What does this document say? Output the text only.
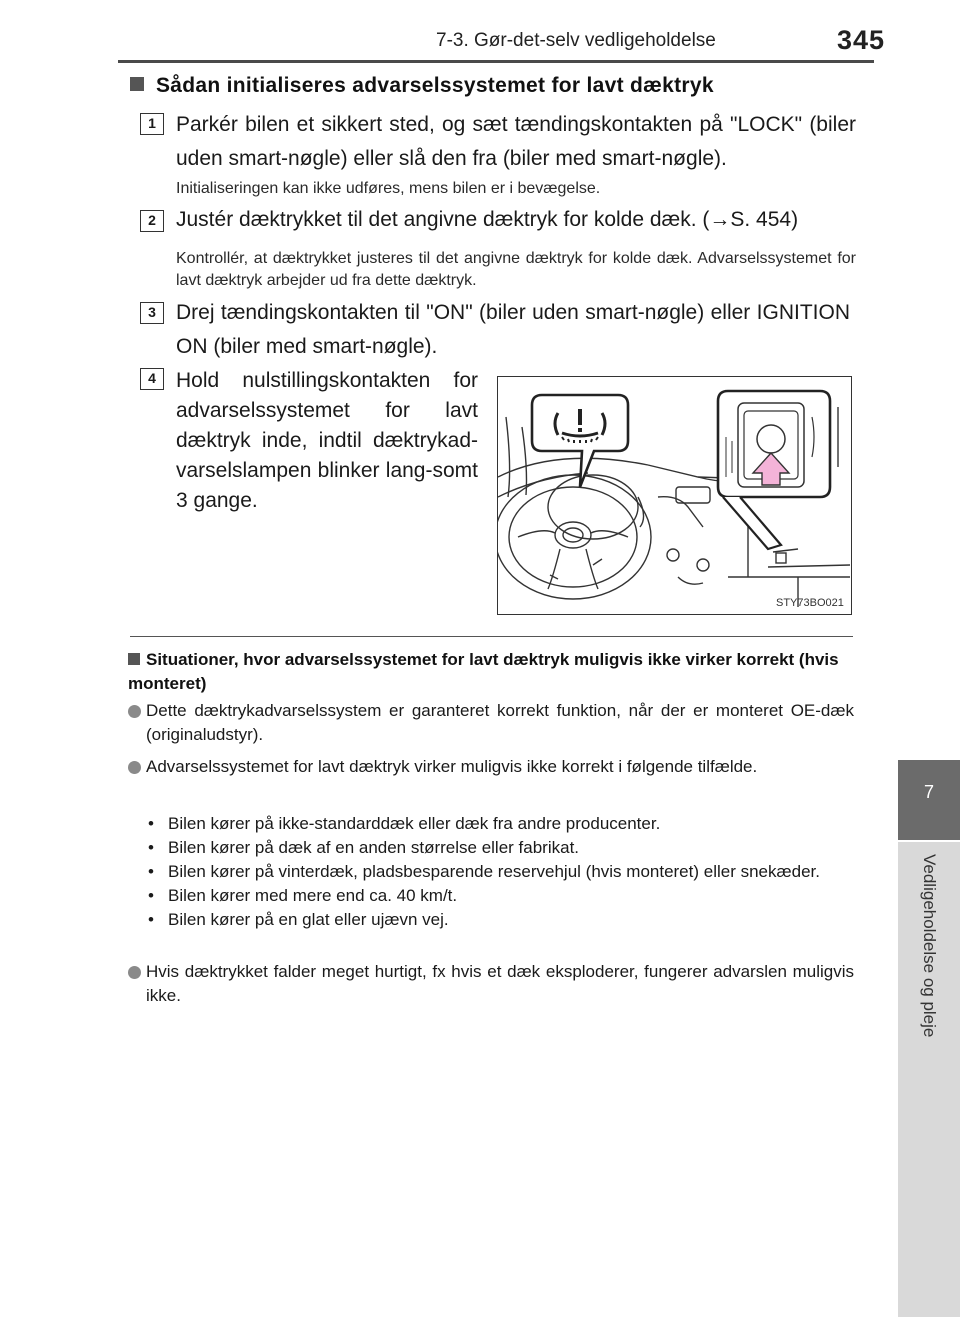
7-3. Gør-det-selv vedligeholdelse	345
7
Vedligeholdelse og pleje
Sådan initialiseres advarselssystemet for lavt dæktryk
1 Parkér bilen et sikkert sted, og sæt tændingskontakten på "LOCK" (biler uden smart-nøgle) eller slå den fra (biler med smart-nøgle).
Initialiseringen kan ikke udføres, mens bilen er i bevægelse.
2 Justér dæktrykket til det angivne dæktryk for kolde dæk. (→S. 454)
Kontrollér, at dæktrykket justeres til det angivne dæktryk for kolde dæk. Advarselssystemet for lavt dæktryk arbejder ud fra dette dæktryk.
3 Drej tændingskontakten til "ON" (biler uden smart-nøgle) eller IGNITION ON (biler med smart-nøgle).
4 Hold nulstillingskontakten for advarselssystemet for lavt dæktryk inde, indtil dæktrykad-varselslampen blinker lang-somt 3 gange.
STY73BO021
Situationer, hvor advarselssystemet for lavt dæktryk muligvis ikke virker korrekt (hvis monteret)
Dette dæktrykadvarselssystem er garanteret korrekt funktion, når der er monteret OE-dæk (originaludstyr).
Advarselssystemet for lavt dæktryk virker muligvis ikke korrekt i følgende tilfælde.
• Bilen kører på ikke-standarddæk eller dæk fra andre producenter.
• Bilen kører på dæk af en anden størrelse eller fabrikat.
• Bilen kører på vinterdæk, pladsbesparende reservehjul (hvis monteret) eller snekæder.
• Bilen kører med mere end ca. 40 km/t.
• Bilen kører på en glat eller ujævn vej.
Hvis dæktrykket falder meget hurtigt, fx hvis et dæk eksploderer, fungerer advarslen muligvis ikke.
